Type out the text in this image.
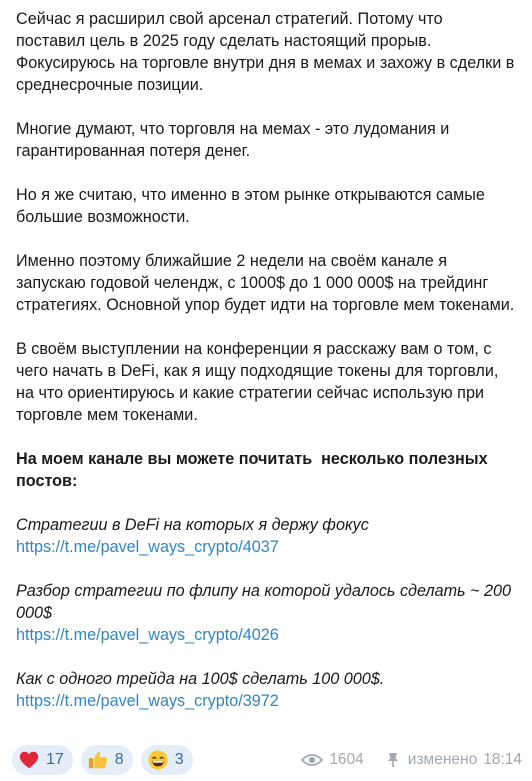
Сейчас я расширил свой арсенал стратегий. Потому что поставил цель в 2025 году сделать настоящий прорыв. Фокусируюсь на торговле внутри дня в мемах и захожу в сделки в среднесрочные позиции.

Многие думают, что торговля на мемах - это лудомания и гарантированная потеря денег.

Но я же считаю, что именно в этом рынке открываются самые большие возможности.

Именно поэтому ближайшие 2 недели на своём канале я запускаю годовой челендж, с 1000$ до 1 000 000$ на трейдинг стратегиях. Основной упор будет идти на торговле мем токенами.

В своём выступлении на конференции я расскажу вам о том, с чего начать в DeFi, как я ищу подходящие токены для торговли, на что ориентируюсь и какие стратегии сейчас использую при торговле мем токенами.

На моем канале вы можете почитать  несколько полезных постов:

Стратегии в DeFi на которых я держу фокус
https://t.me/pavel_ways_crypto/4037
Разбор стратегии по флипу на которой удалось сделать ~ 200 000$
https://t.me/pavel_ways_crypto/4026
Как с одного трейда на 100$ сделать 100 000$.
https://t.me/pavel_ways_crypto/3972
17	8	3	1604	изменено 18:14
